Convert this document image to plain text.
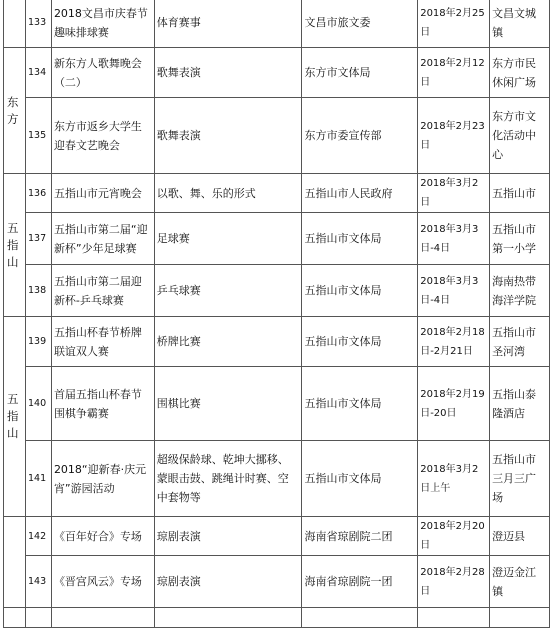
	133	2018文昌市庆春节趣味排球赛	体育赛事	文昌市旅文委	2018年2月25日	文昌文城镇
东方	134	新东方人歌舞晚会（二）	歌舞表演	东方市文体局	2018年2月12日	东方市民休闲广场
	135	东方市返乡大学生迎春文艺晚会	歌舞表演	东方市委宣传部	2018年2月23日	东方市文化活动中心
五指山	136	五指山市元宵晚会	以歌、舞、乐的形式	五指山市人民政府	2018年3月2日	五指山市
	137	五指山市第二届“迎新杯”少年足球赛	足球赛	五指山市文体局	2018年3月3日-4日	五指山市第一小学
	138	五指山市第二届迎新杯-乒乓球赛	乒乓球赛	五指山市文体局	2018年3月3日-4日	海南热带海洋学院
五指山	139	五指山杯春节桥牌联谊双人赛	桥牌比赛	五指山市文体局	2018年2月18日-2月21日	五指山市圣河湾
	140	首届五指山杯春节围棋争霸赛	围棋比赛	五指山市文体局	2018年2月19日-20日	五指山泰隆酒店
	141	2018“迎新春·庆元宵”游园活动	超级保龄球、乾坤大挪移、蒙眼击鼓、跳绳计时赛、空中套物等	五指山市文体局	2018年3月2日上午	五指山市三月三广场
	142	《百年好合》专场	琼剧表演	海南省琼剧院二团	2018年2月20日	澄迈县
	143	《晋宫风云》专场	琼剧表演	海南省琼剧院一团	2018年2月28日	澄迈金江镇
